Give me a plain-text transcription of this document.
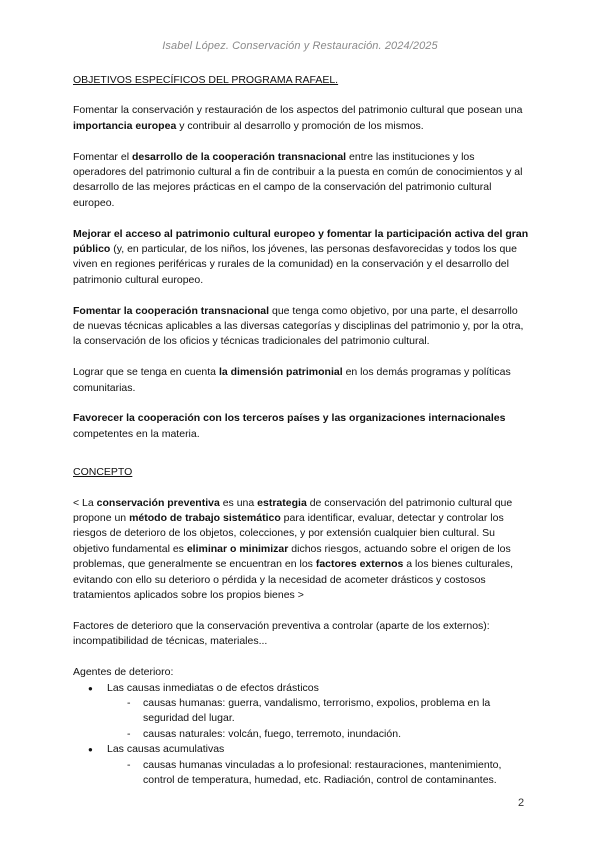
Isabel López. Conservación y Restauración. 2024/2025

OBJETIVOS ESPECÍFICOS DEL PROGRAMA RAFAEL.

Fomentar la conservación y restauración de los aspectos del patrimonio cultural que posean una importancia europea y contribuir al desarrollo y promoción de los mismos.

Fomentar el desarrollo de la cooperación transnacional entre las instituciones y los operadores del patrimonio cultural a fin de contribuir a la puesta en común de conocimientos y al desarrollo de las mejores prácticas en el campo de la conservación del patrimonio cultural europeo.

Mejorar el acceso al patrimonio cultural europeo y fomentar la participación activa del gran público (y, en particular, de los niños, los jóvenes, las personas desfavorecidas y todos los que viven en regiones periféricas y rurales de la comunidad) en la conservación y el desarrollo del patrimonio cultural europeo.

Fomentar la cooperación transnacional que tenga como objetivo, por una parte, el desarrollo de nuevas técnicas aplicables a las diversas categorías y disciplinas del patrimonio y, por la otra, la conservación de los oficios y técnicas tradicionales del patrimonio cultural.

Lograr que se tenga en cuenta la dimensión patrimonial en los demás programas y políticas comunitarias.

Favorecer la cooperación con los terceros países y las organizaciones internacionales competentes en la materia.

CONCEPTO

< La conservación preventiva es una estrategia de conservación del patrimonio cultural que propone un método de trabajo sistemático para identificar, evaluar, detectar y controlar los riesgos de deterioro de los objetos, colecciones, y por extensión cualquier bien cultural. Su objetivo fundamental es eliminar o minimizar dichos riesgos, actuando sobre el origen de los problemas, que generalmente se encuentran en los factores externos a los bienes culturales, evitando con ello su deterioro o pérdida y la necesidad de acometer drásticos y costosos tratamientos aplicados sobre los propios bienes >

Factores de deterioro que la conservación preventiva a controlar (aparte de los externos): incompatibilidad de técnicas, materiales...

Agentes de deterioro:

● Las causas inmediatas o de efectos drásticos
- causas humanas: guerra, vandalismo, terrorismo, expolios, problema en la seguridad del lugar.
- causas naturales: volcán, fuego, terremoto, inundación.
● Las causas acumulativas
- causas humanas vinculadas a lo profesional: restauraciones, mantenimiento, control de temperatura, humedad, etc. Radiación, control de contaminantes.
2
